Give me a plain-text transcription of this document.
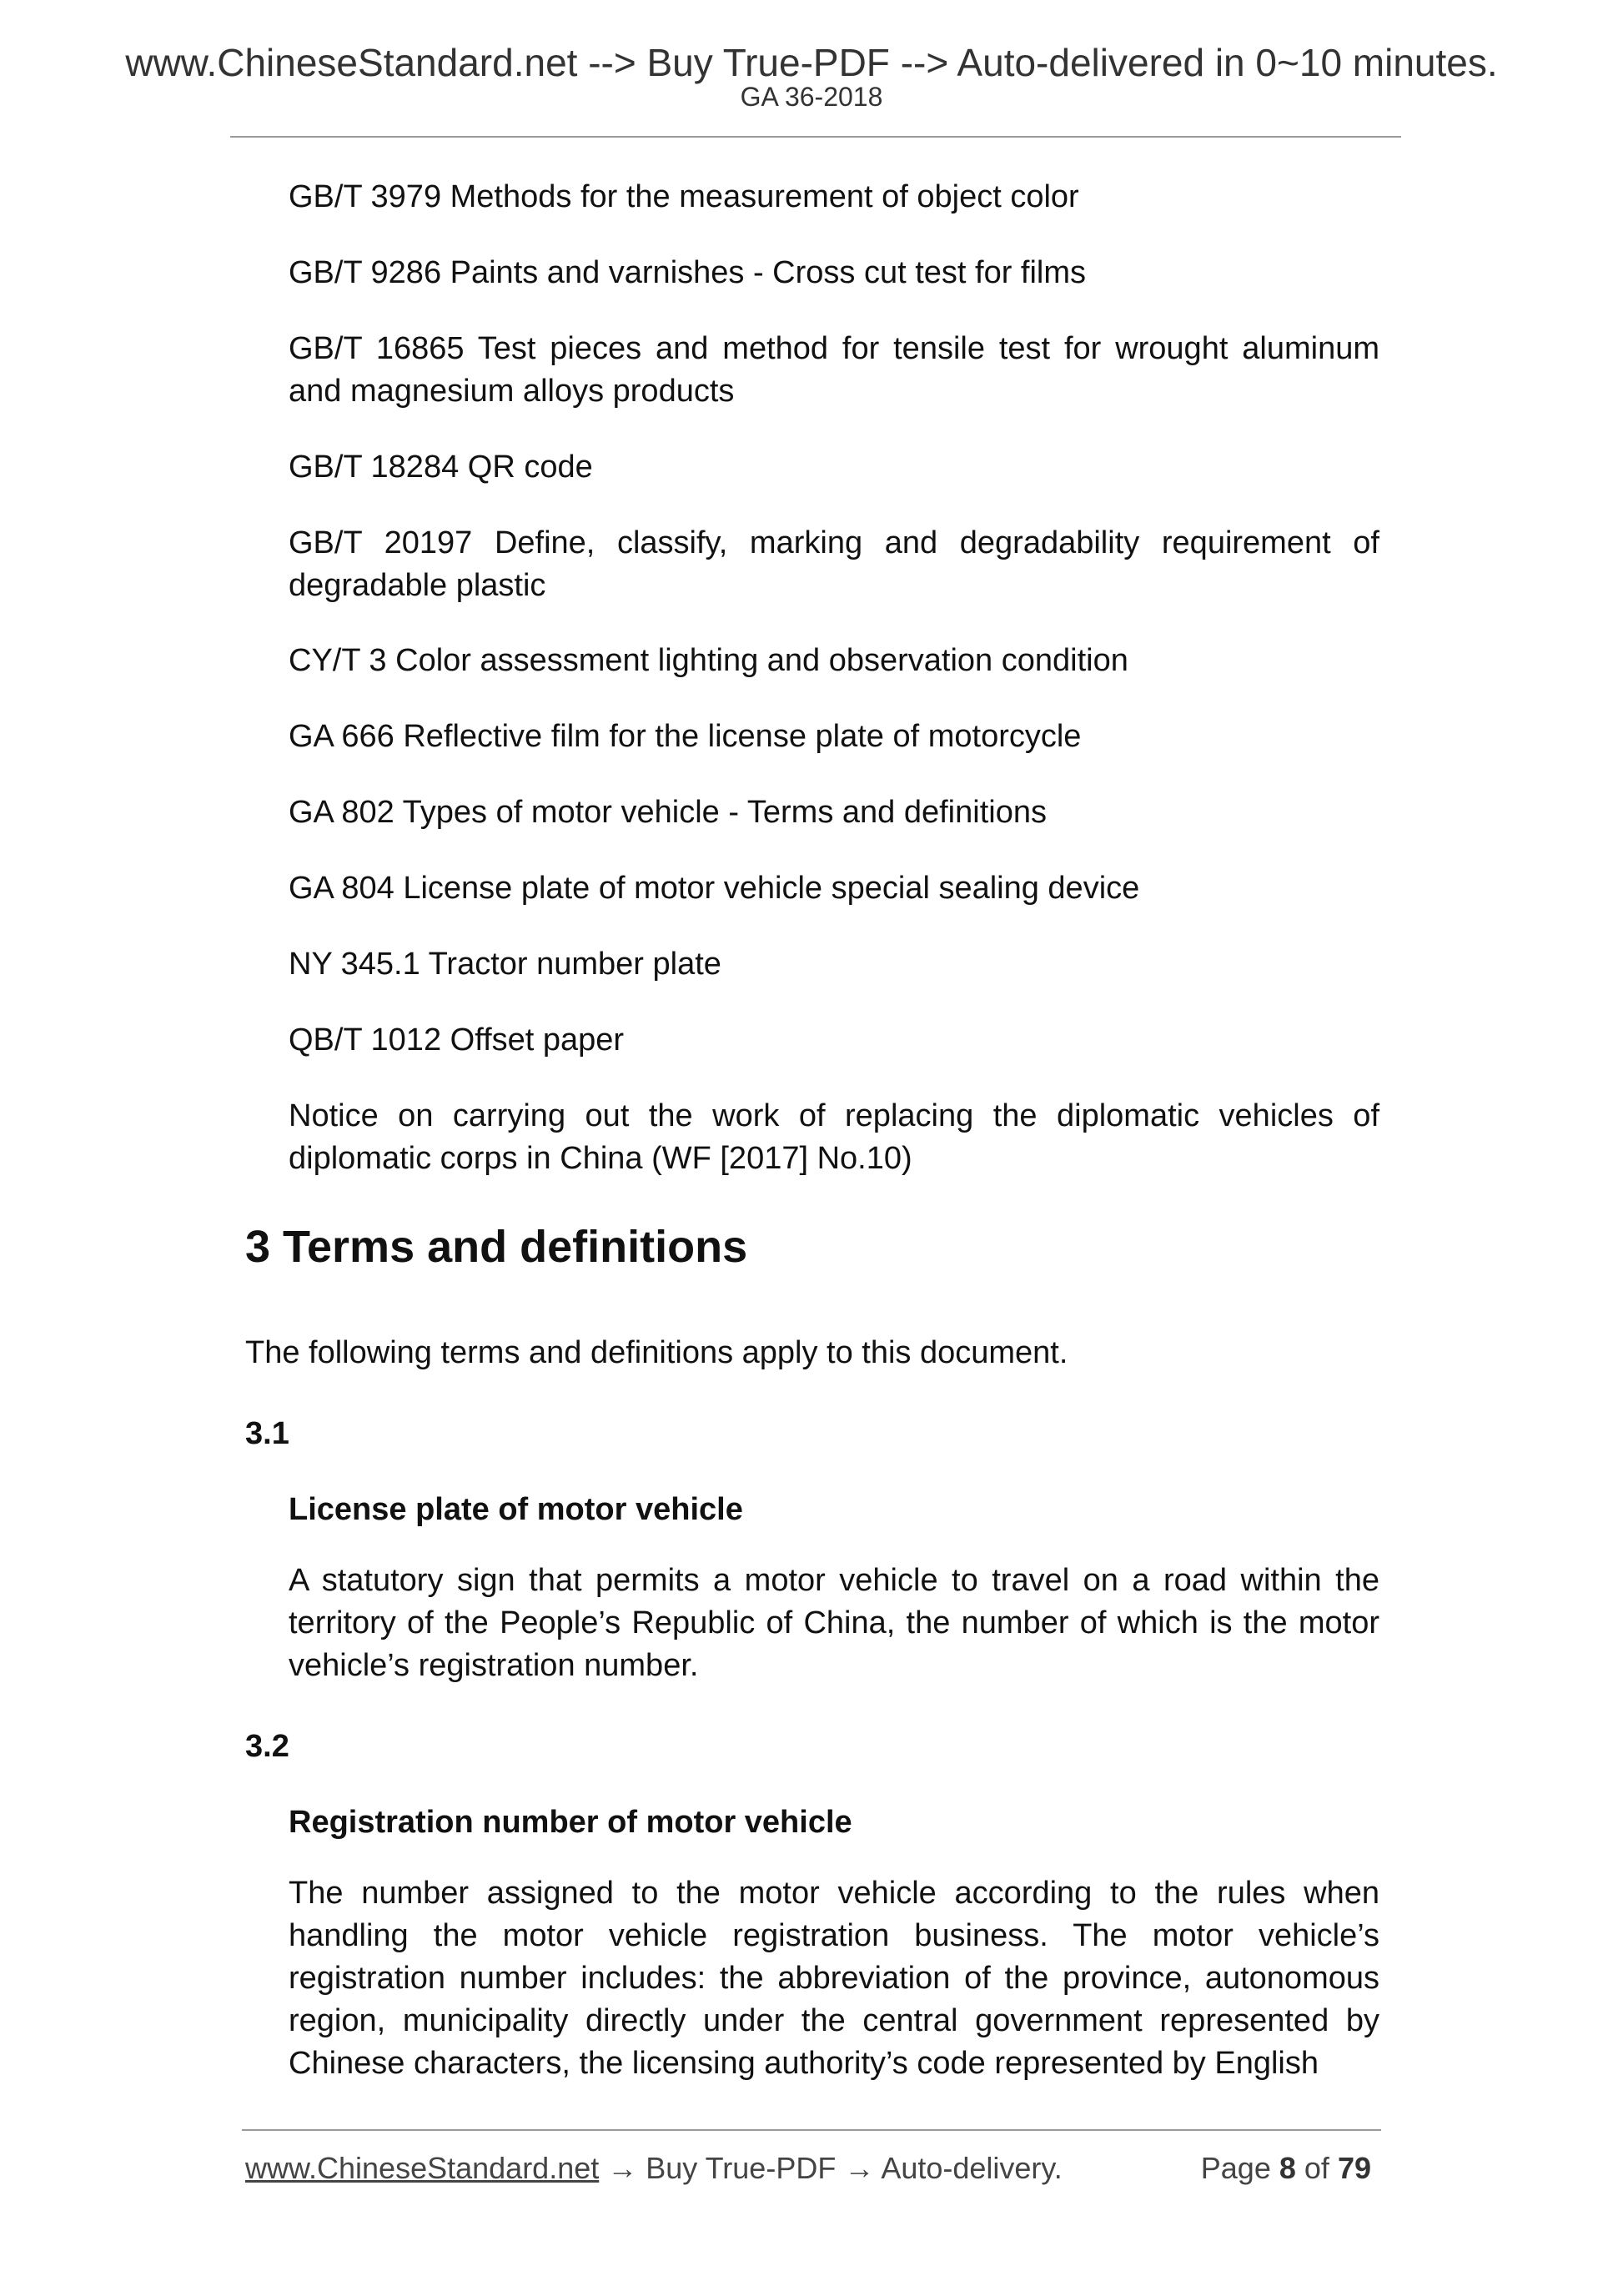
www.ChineseStandard.net --> Buy True-PDF --> Auto-delivered in 0~10 minutes.
GA 36-2018
GB/T 3979 Methods for the measurement of object color
GB/T 9286 Paints and varnishes - Cross cut test for films
GB/T 16865 Test pieces and method for tensile test for wrought aluminum and magnesium alloys products
GB/T 18284 QR code
GB/T 20197 Define, classify, marking and degradability requirement of degradable plastic
CY/T 3 Color assessment lighting and observation condition
GA 666 Reflective film for the license plate of motorcycle
GA 802 Types of motor vehicle - Terms and definitions
GA 804 License plate of motor vehicle special sealing device
NY 345.1 Tractor number plate
QB/T 1012 Offset paper
Notice on carrying out the work of replacing the diplomatic vehicles of diplomatic corps in China (WF [2017] No.10)
3 Terms and definitions
The following terms and definitions apply to this document.
3.1
License plate of motor vehicle
A statutory sign that permits a motor vehicle to travel on a road within the territory of the People’s Republic of China, the number of which is the motor vehicle’s registration number.
3.2
Registration number of motor vehicle
The number assigned to the motor vehicle according to the rules when handling the motor vehicle registration business. The motor vehicle’s registration number includes: the abbreviation of the province, autonomous region, municipality directly under the central government represented by Chinese characters, the licensing authority’s code represented by English
www.ChineseStandard.net → Buy True-PDF → Auto-delivery.	Page 8 of 79
